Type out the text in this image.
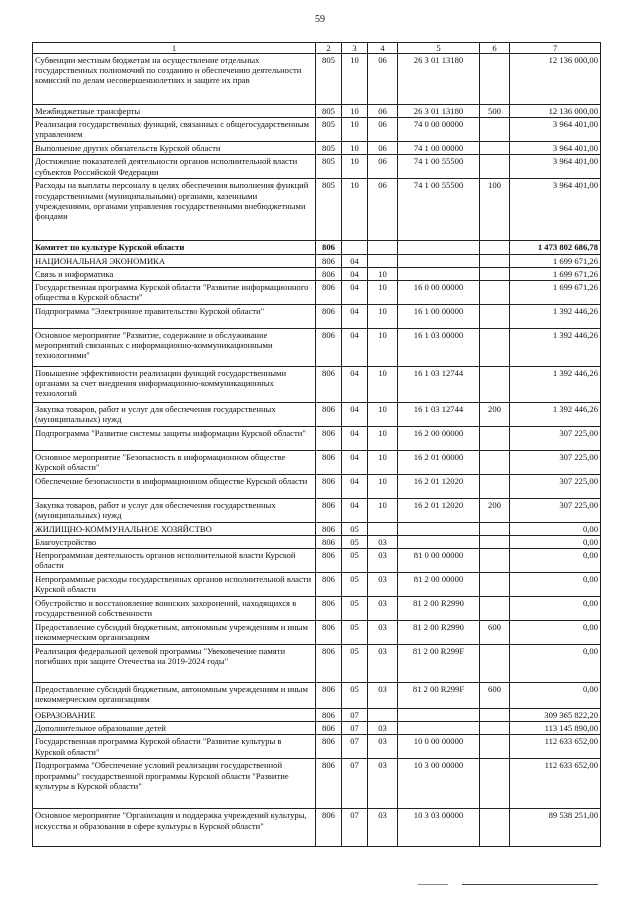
59
1	2	3	4	5	6	7
Субвенции местным бюджетам на осуществление отдельных государственных полномочий по созданию и обеспечению деятельности комиссий по делам несовершеннолетних и защите их прав	805	10	06	26 3 01 13180		12 136 000,00
Межбюджетные трансферты	805	10	06	26 3 01 13180	500	12 136 000,00
Реализация государственных функций, связанных с общегосударственным управлением	805	10	06	74 0 00 00000		3 964 401,00
Выполнение других обязательств Курской области	805	10	06	74 1 00 00000		3 964 401,00
Достижение показателей деятельности органов исполнительной власти субъектов Российской Федерации	805	10	06	74 1 00 55500		3 964 401,00
Расходы на выплаты персоналу в целях обеспечения выполнения функций государственными (муниципальными) органами, казенными учреждениями, органами управления государственными внебюджетными фондами	805	10	06	74 1 00 55500	100	3 964 401,00
Комитет по культуре Курской области	806					1 473 802 686,78
НАЦИОНАЛЬНАЯ ЭКОНОМИКА	806	04				1 699 671,26
Связь и информатика	806	04	10			1 699 671,26
Государственная программа Курской области "Развитие информационного общества в Курской области"	806	04	10	16 0 00 00000		1 699 671,26
Подпрограмма "Электронное правительство Курской области"	806	04	10	16 1 00 00000		1 392 446,26
Основное мероприятие "Развитие, содержание и обслуживание мероприятий связанных с информационно-коммуникационными технологиями"	806	04	10	16 1 03 00000		1 392 446,26
Повышение эффективности реализации функций государственными органами за счет внедрения информационно-коммуникационных технологий	806	04	10	16 1 03 12744		1 392 446,26
Закупка товаров, работ и услуг для обеспечения государственных (муниципальных) нужд	806	04	10	16 1 03 12744	200	1 392 446,26
Подпрограмма "Развитие системы защиты информации Курской области"	806	04	10	16 2 00 00000		307 225,00
Основное мероприятие "Безопасность в информационном обществе Курской области"	806	04	10	16 2 01 00000		307 225,00
Обеспечение безопасности в информационном обществе Курской области	806	04	10	16 2 01 12020		307 225,00
Закупка товаров, работ и услуг для обеспечения государственных (муниципальных) нужд	806	04	10	16 2 01 12020	200	307 225,00
ЖИЛИЩНО-КОММУНАЛЬНОЕ ХОЗЯЙСТВО	806	05				0,00
Благоустройство	806	05	03			0,00
Непрограммная деятельность органов исполнительной власти Курской области	806	05	03	81 0 00 00000		0,00
Непрограммные расходы государственных органов исполнительной власти Курской области	806	05	03	81 2 00 00000		0,00
Обустройство и восстановление воинских захоронений, находящихся в государственной собственности	806	05	03	81 2 00 R2990		0,00
Предоставление субсидий бюджетным, автономным учреждениям и иным некоммерческим организациям	806	05	03	81 2 00 R2990	600	0,00
Реализация федеральной целевой программы "Увековечение памяти погибших при защите Отечества на 2019-2024 годы"	806	05	03	81 2 00 R299F		0,00
Предоставление субсидий бюджетным, автономным учреждениям и иным некоммерческим организациям	806	05	03	81 2 00 R299F	600	0,00
ОБРАЗОВАНИЕ	806	07				309 365 822,20
Дополнительное образование детей	806	07	03			113 145 890,00
Государственная программа Курской области "Развитие культуры в Курской области"	806	07	03	10 0 00 00000		112 633 652,00
Подпрограмма "Обеспечение условий реализации государственной программы" государственной программы Курской области "Развитие культуры в Курской области"	806	07	03	10 3 00 00000		112 633 652,00
Основное мероприятие "Организация и поддержка учреждений культуры, искусства и образования в сфере культуры в Курской области"	806	07	03	10 3 03 00000		89 538 251,00
